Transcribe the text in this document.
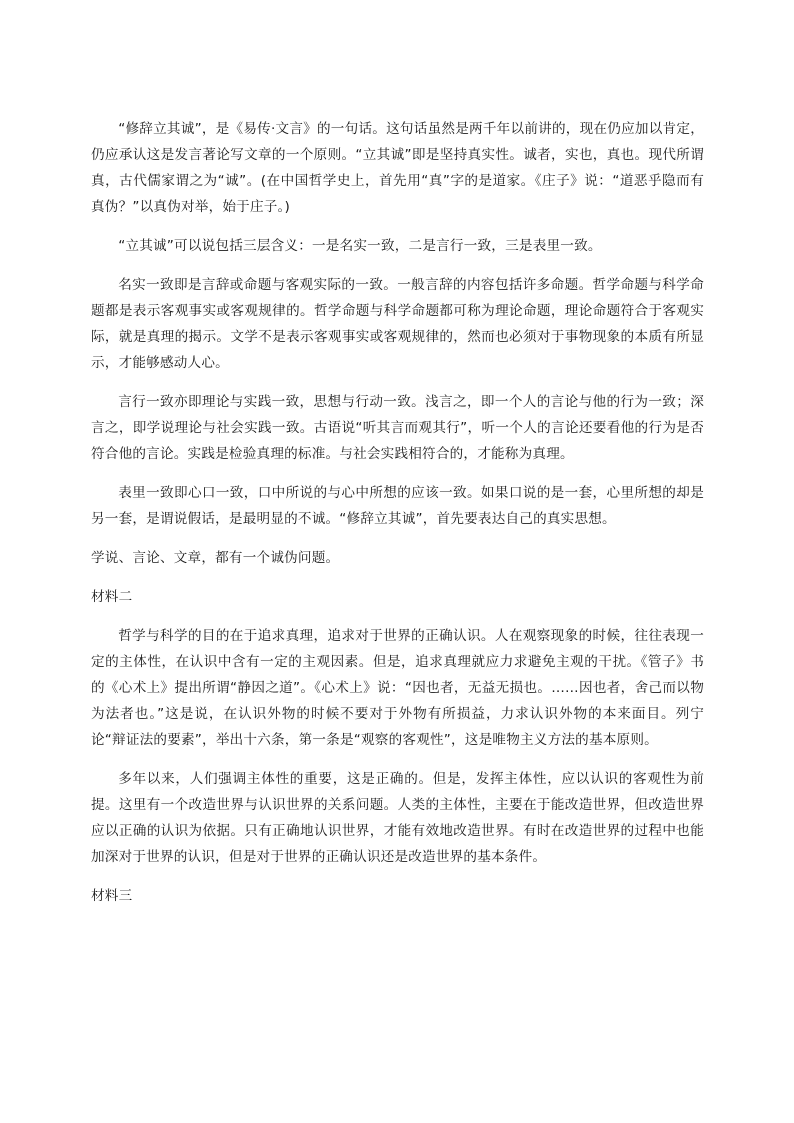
“修辞立其诚”，是《易传·文言》的一句话。这句话虽然是两千年以前讲的，现在仍应加以肯定，仍应承认这是发言著论写文章的一个原则。“立其诚”即是坚持真实性。诚者，实也，真也。现代所谓真，古代儒家谓之为“诚”。(在中国哲学史上，首先用“真”字的是道家。《庄子》说：“道恶乎隐而有真伪？”以真伪对举，始于庄子。)

“立其诚”可以说包括三层含义：一是名实一致，二是言行一致，三是表里一致。

名实一致即是言辞或命题与客观实际的一致。一般言辞的内容包括许多命题。哲学命题与科学命题都是表示客观事实或客观规律的。哲学命题与科学命题都可称为理论命题，理论命题符合于客观实际，就是真理的揭示。文学不是表示客观事实或客观规律的，然而也必须对于事物现象的本质有所显示，才能够感动人心。

言行一致亦即理论与实践一致，思想与行动一致。浅言之，即一个人的言论与他的行为一致；深言之，即学说理论与社会实践一致。古语说“听其言而观其行”，听一个人的言论还要看他的行为是否符合他的言论。实践是检验真理的标准。与社会实践相符合的，才能称为真理。

表里一致即心口一致，口中所说的与心中所想的应该一致。如果口说的是一套，心里所想的却是另一套，是谓说假话，是最明显的不诚。“修辞立其诚”，首先要表达自己的真实思想。

学说、言论、文章，都有一个诚伪问题。

材料二

哲学与科学的目的在于追求真理，追求对于世界的正确认识。人在观察现象的时候，往往表现一定的主体性，在认识中含有一定的主观因素。但是，追求真理就应力求避免主观的干扰。《管子》书的《心术上》提出所谓“静因之道”。《心术上》说：“因也者，无益无损也。……因也者，舍己而以物为法者也。”这是说，在认识外物的时候不要对于外物有所损益，力求认识外物的本来面目。列宁论“辩证法的要素”，举出十六条，第一条是“观察的客观性”，这是唯物主义方法的基本原则。

多年以来，人们强调主体性的重要，这是正确的。但是，发挥主体性，应以认识的客观性为前提。这里有一个改造世界与认识世界的关系问题。人类的主体性，主要在于能改造世界，但改造世界应以正确的认识为依据。只有正确地认识世界，才能有效地改造世界。有时在改造世界的过程中也能加深对于世界的认识，但是对于世界的正确认识还是改造世界的基本条件。

材料三
